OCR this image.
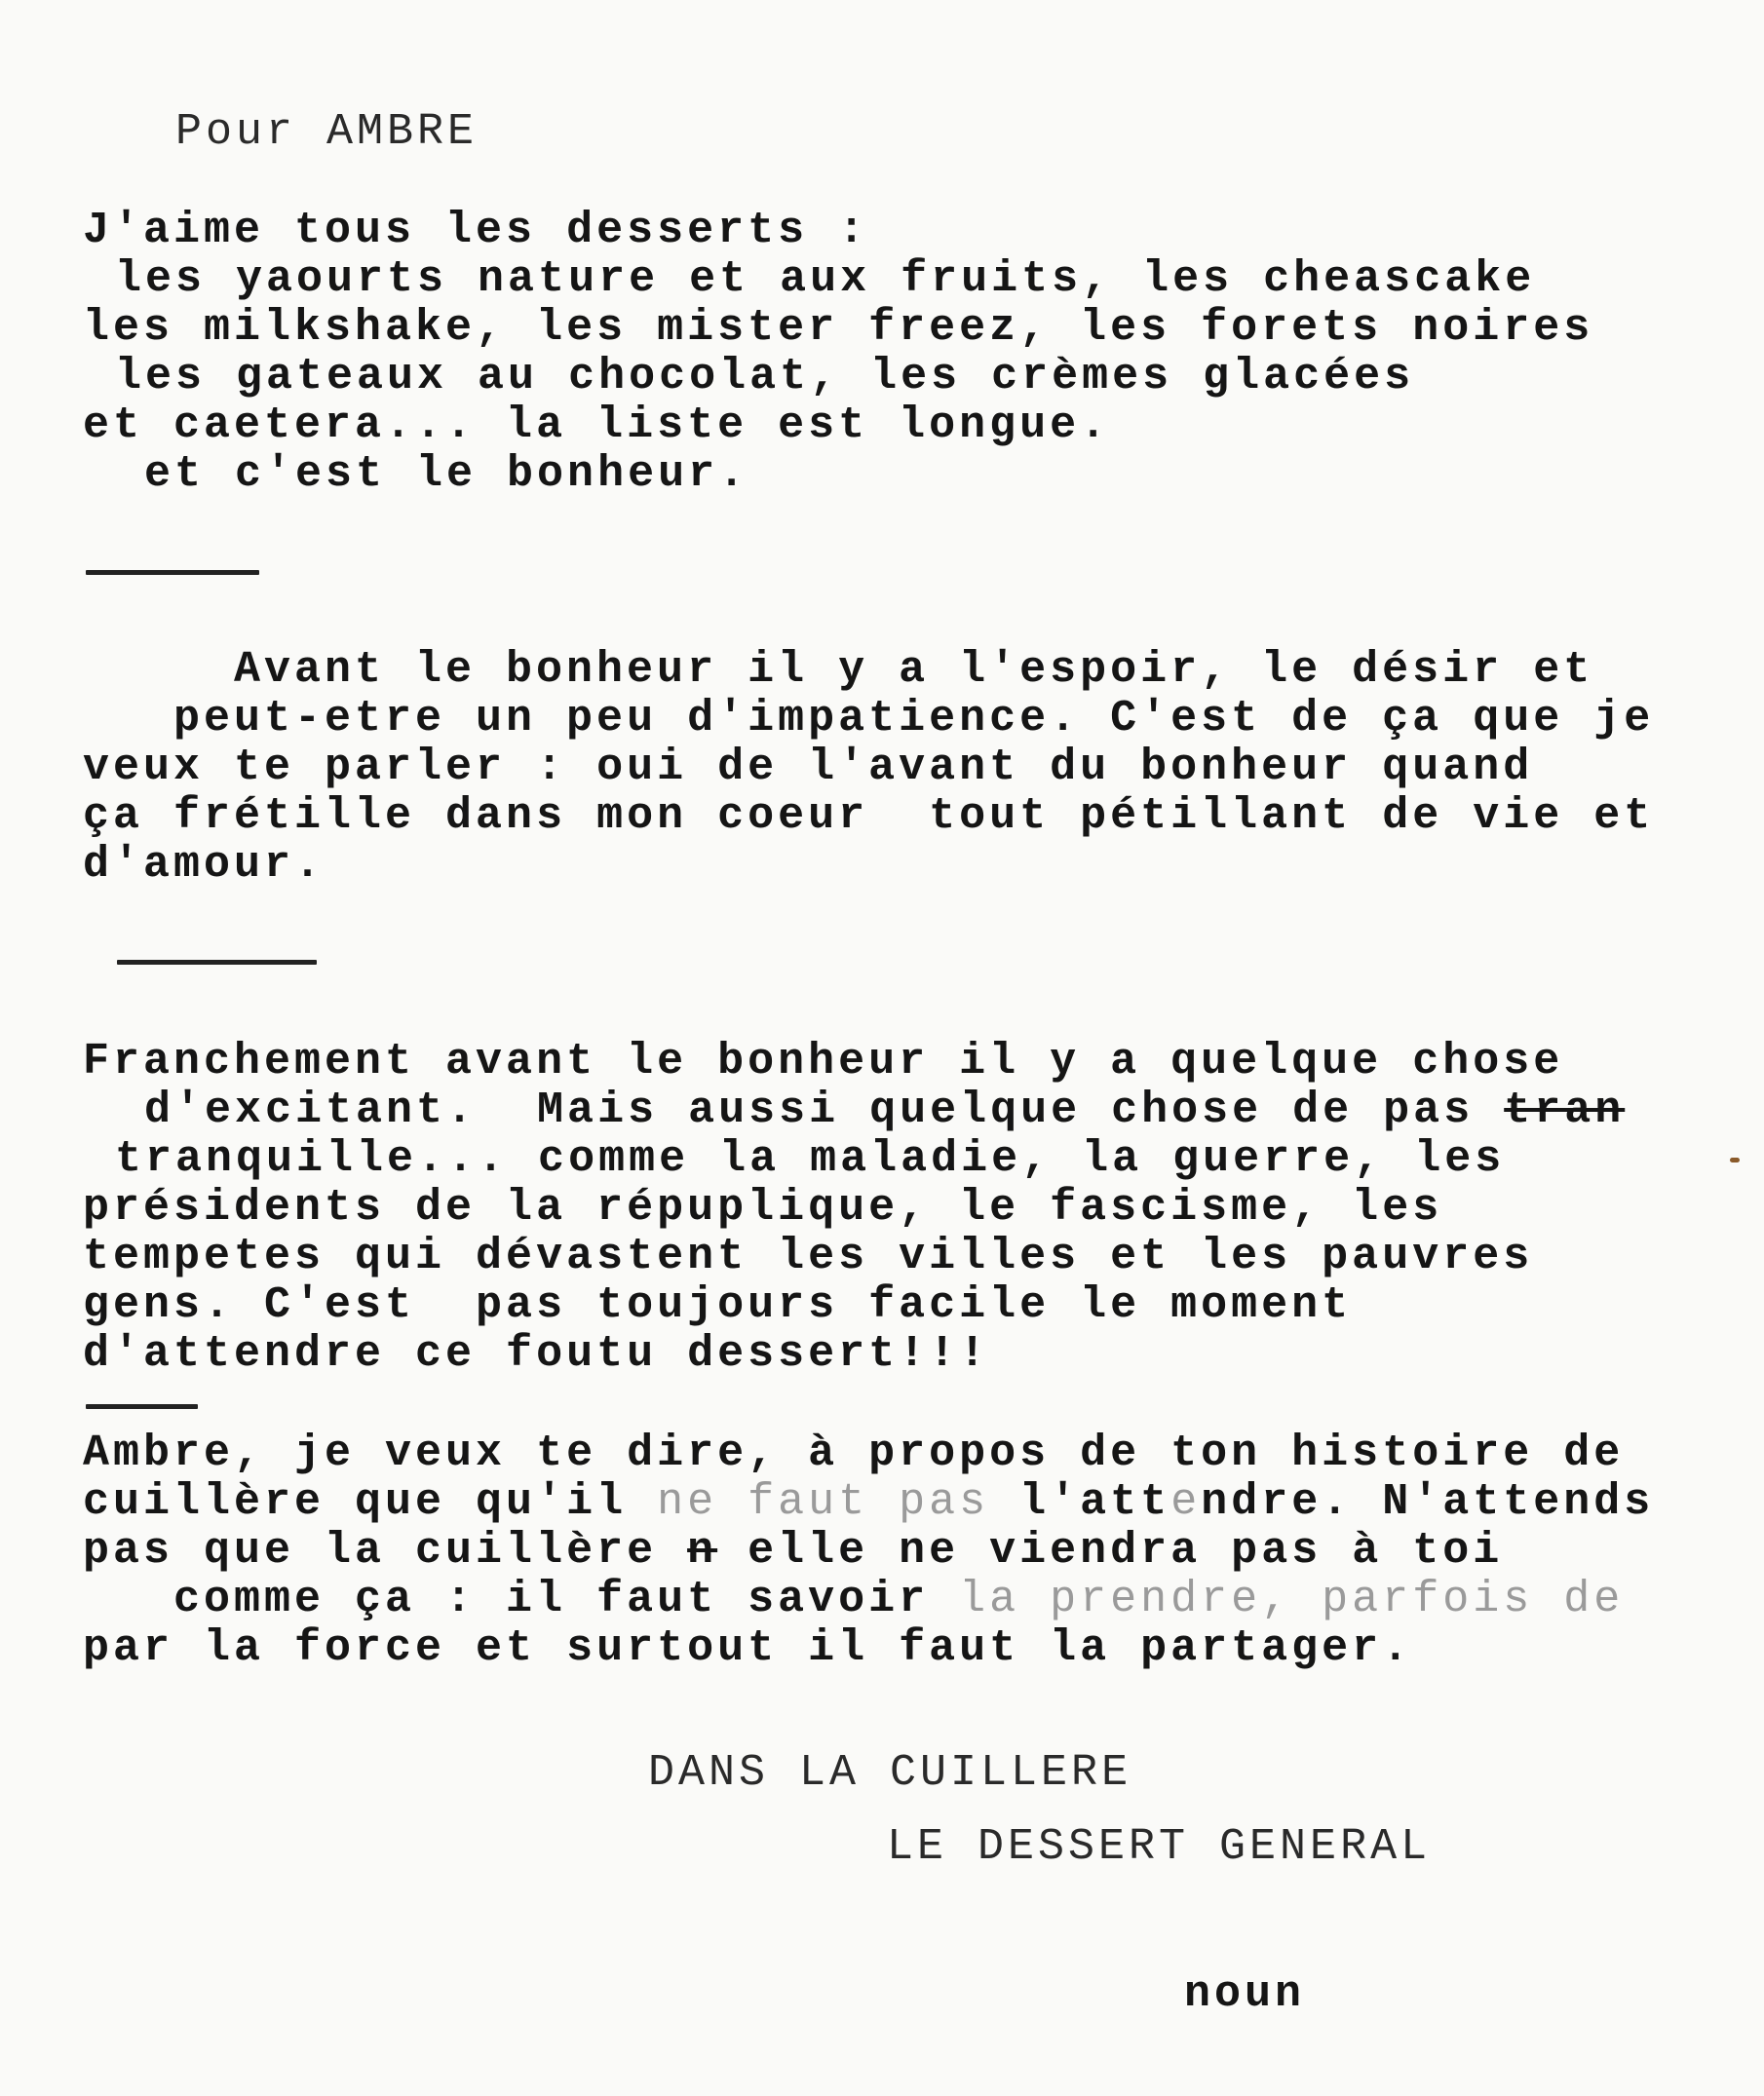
Pour AMBRE
J'aime tous les desserts :
les yaourts nature et aux fruits, les cheascake
les milkshake, les mister freez, les forets noires
les gateaux au chocolat, les crèmes glacées
et caetera... la liste est longue.
et c'est le bonheur.
Avant le bonheur il y a l'espoir, le désir et
peut-etre un peu d'impatience. C'est de ça que je
veux te parler : oui de l'avant du bonheur quand
ça frétille dans mon coeur  tout pétillant de vie et
d'amour.
Franchement avant le bonheur il y a quelque chose
d'excitant.  Mais aussi quelque chose de pas tran
tranquille... comme la maladie, la guerre, les
présidents de la répuplique, le fascisme, les
tempetes qui dévastent les villes et les pauvres
gens. C'est  pas toujours facile le moment
d'attendre ce foutu dessert!!!
Ambre, je veux te dire, à propos de ton histoire de
cuillère que qu'il ne faut pas l'attendre. N'attends
pas que la cuillère n elle ne viendra pas à toi
comme ça : il faut savoir la prendre, parfois de
par la force et surtout il faut la partager.
DANS LA CUILLERE
LE DESSERT GENERAL
noun
